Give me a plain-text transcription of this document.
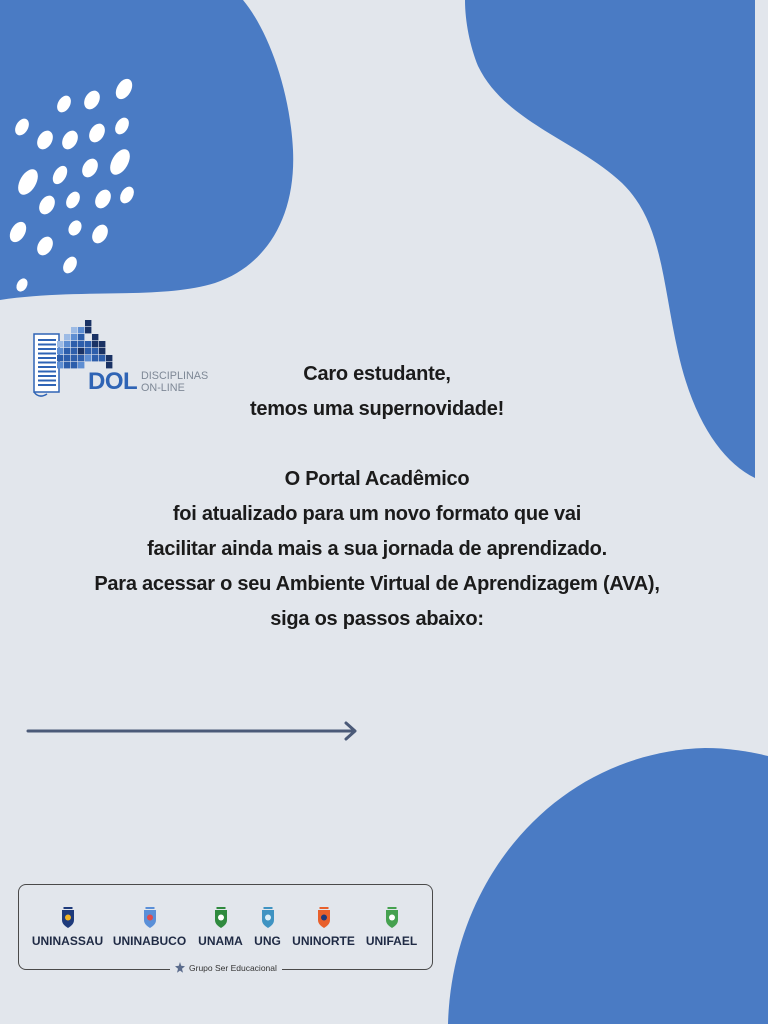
DOL DISCIPLINAS
ON-LINE
Caro estudante,
temos uma supernovidade!
O Portal Acadêmico
foi atualizado para um novo formato que vai
facilitar ainda mais a sua jornada de aprendizado.
Para acessar o seu Ambiente Virtual de Aprendizagem (AVA),
siga os passos abaixo:
UNINASSAU UNINABUCO UNAMA UNG UNINORTE UNIFAEL
Grupo Ser Educacional
